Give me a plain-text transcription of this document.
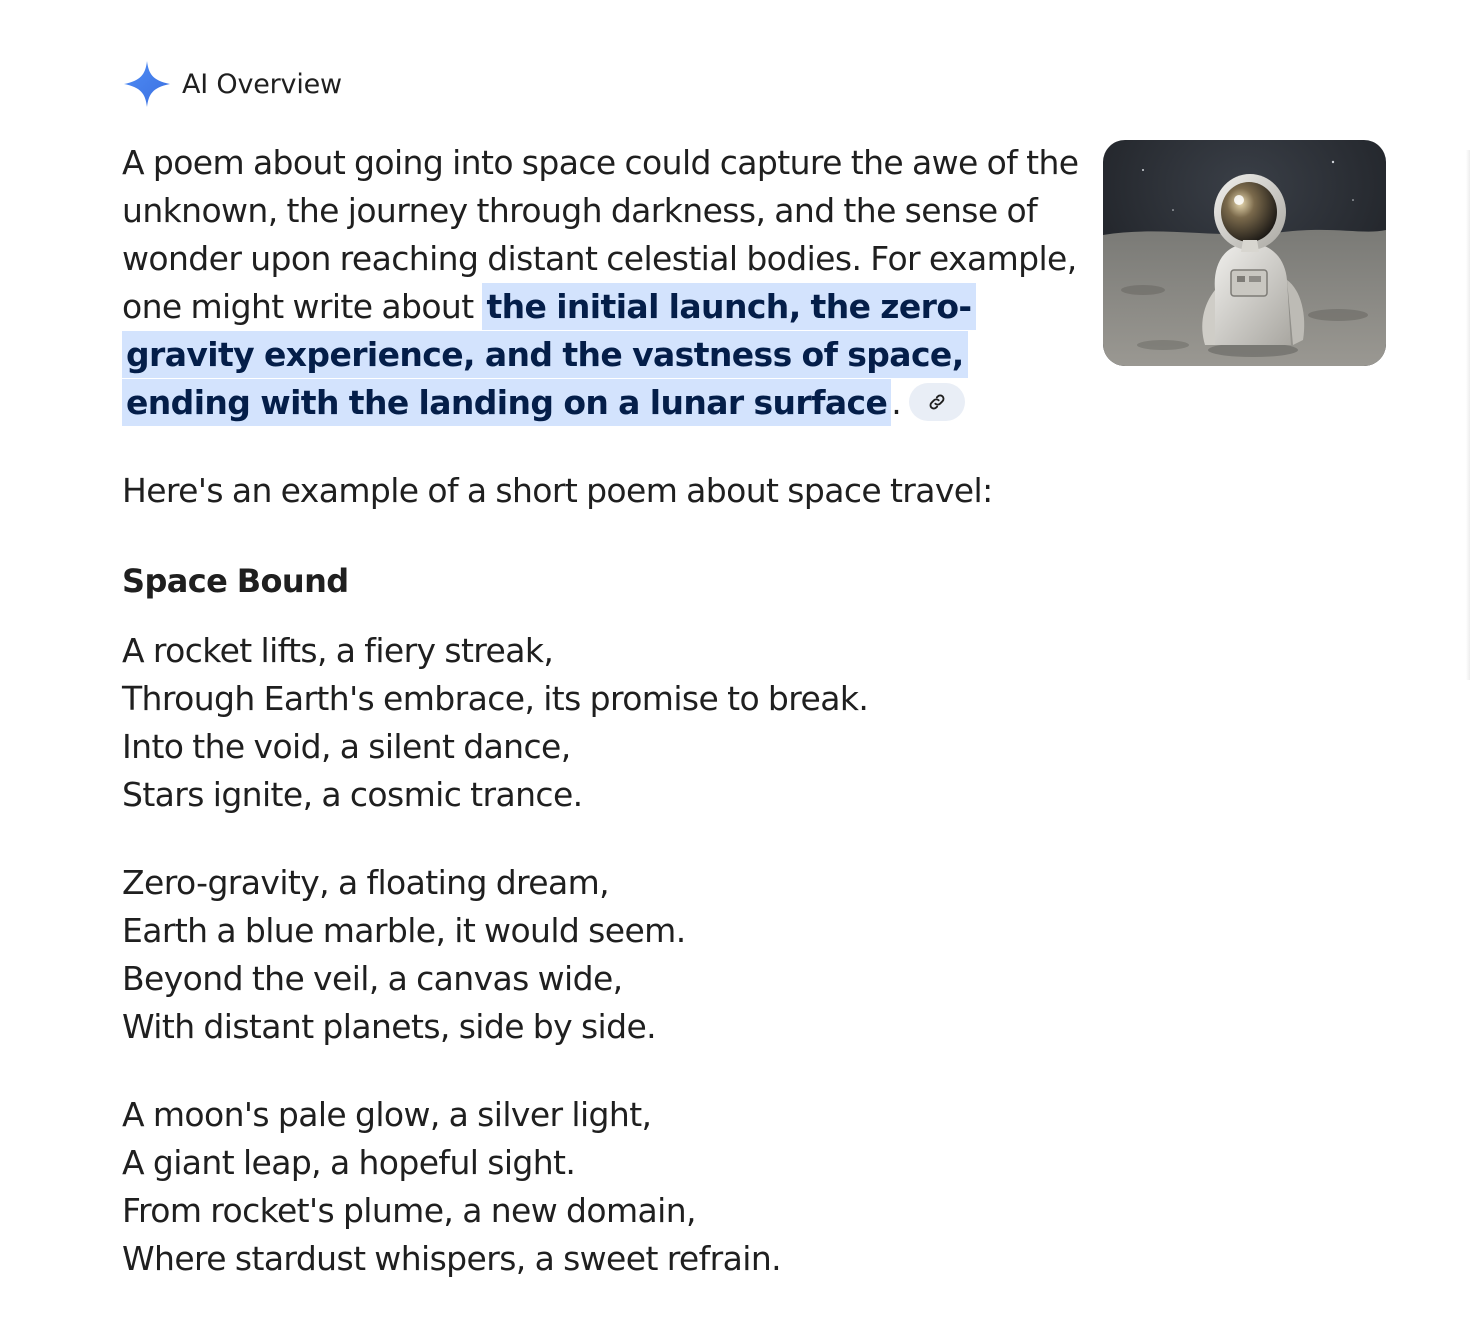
AI Overview

A poem about going into space could capture the awe of the unknown, the journey through darkness, and the sense of wonder upon reaching distant celestial bodies. For example, one might write about the initial launch, the zero-gravity experience, and the vastness of space, ending with the landing on a lunar surface .

Here's an example of a short poem about space travel:

Space Bound

A rocket lifts, a fiery streak,
Through Earth's embrace, its promise to break.
Into the void, a silent dance,
Stars ignite, a cosmic trance.

Zero-gravity, a floating dream,
Earth a blue marble, it would seem.
Beyond the veil, a canvas wide,
With distant planets, side by side.

A moon's pale glow, a silver light,
A giant leap, a hopeful sight.
From rocket's plume, a new domain,
Where stardust whispers, a sweet refrain.
